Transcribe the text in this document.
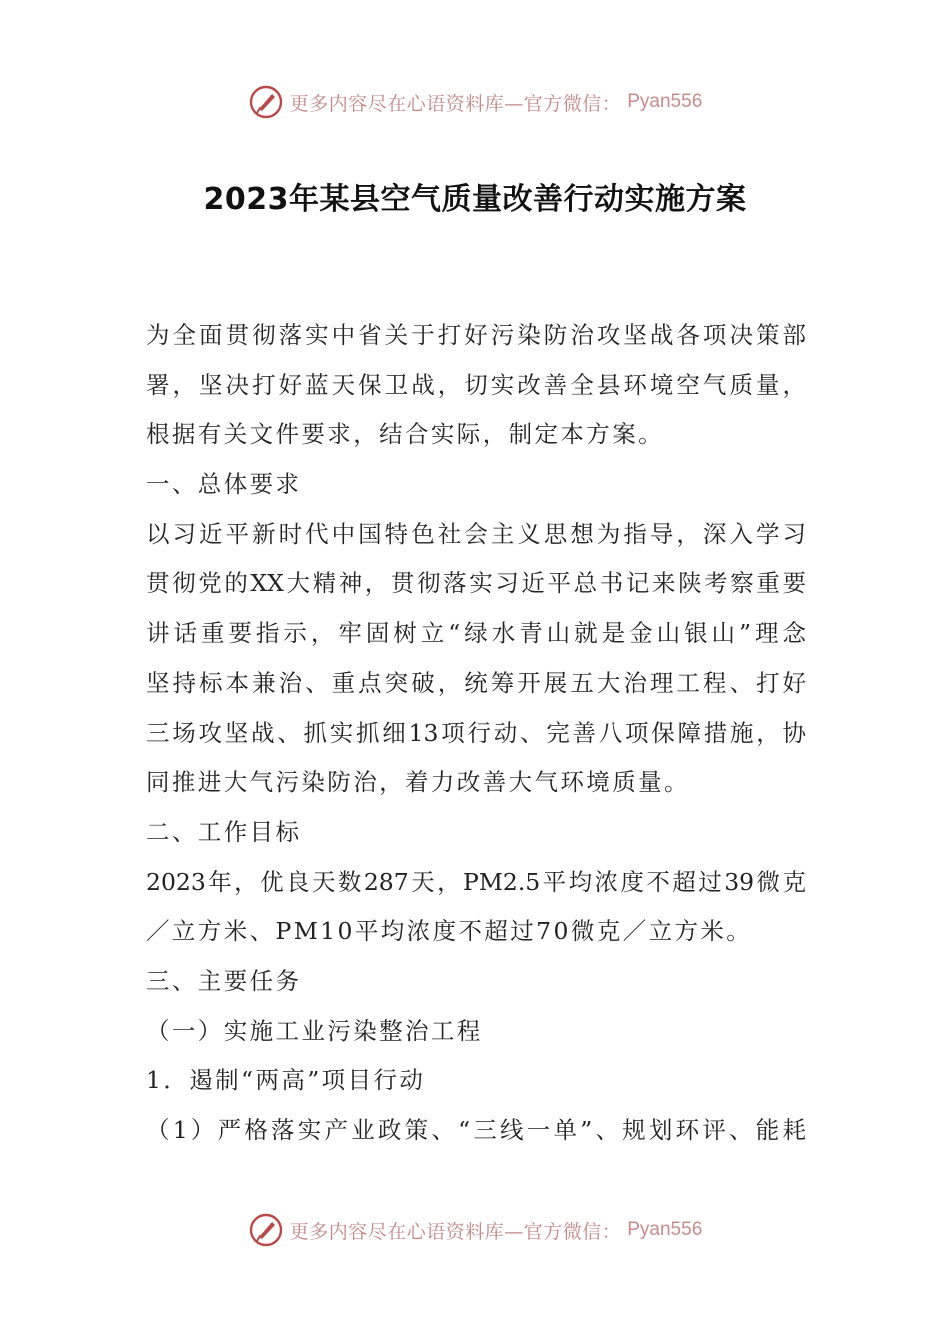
更多内容尽在心语资料库—官方微信： Pyan556
2023年某县空气质量改善行动实施方案
为全面贯彻落实中省关于打好污染防治攻坚战各项决策部
署，坚决打好蓝天保卫战，切实改善全县环境空气质量，
根据有关文件要求，结合实际，制定本方案。
一、总体要求
以习近平新时代中国特色社会主义思想为指导，深入学习
贯彻党的XX大精神，贯彻落实习近平总书记来陕考察重要
讲话重要指示，牢固树立“绿水青山就是金山银山”理念
坚持标本兼治、重点突破，统筹开展五大治理工程、打好
三场攻坚战、抓实抓细13项行动、完善八项保障措施，协
同推进大气污染防治，着力改善大气环境质量。
二、工作目标
2023年，优良天数287天，PM2.5平均浓度不超过39微克
／立方米、PM10平均浓度不超过70微克／立方米。
三、主要任务
（一）实施工业污染整治工程
1．遏制“两高”项目行动
（1）严格落实产业政策、“三线一单”、规划环评、能耗
更多内容尽在心语资料库—官方微信： Pyan556
